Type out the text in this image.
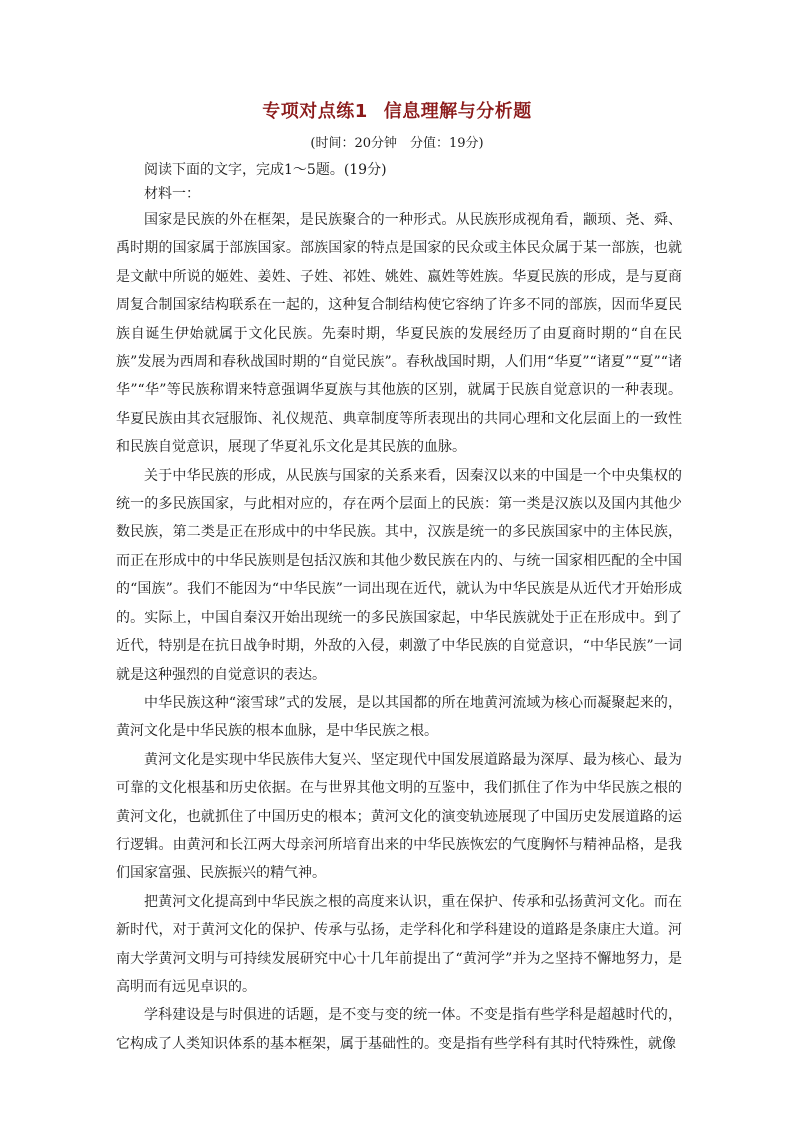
专项对点练1 信息理解与分析题
(时间：20分钟　分值：19分)

阅读下面的文字，完成1～5题。(19分)

材料一：

国家是民族的外在框架，是民族聚合的一种形式。从民族形成视角看，颛顼、尧、舜、禹时期的国家属于部族国家。部族国家的特点是国家的民众或主体民众属于某一部族，也就是文献中所说的姬姓、姜姓、子姓、祁姓、姚姓、嬴姓等姓族。华夏民族的形成，是与夏商周复合制国家结构联系在一起的，这种复合制结构使它容纳了许多不同的部族，因而华夏民族自诞生伊始就属于文化民族。先秦时期，华夏民族的发展经历了由夏商时期的“自在民族”发展为西周和春秋战国时期的“自觉民族”。春秋战国时期，人们用“华夏”“诸夏”“夏”“诸华”“华”等民族称谓来特意强调华夏族与其他族的区别，就属于民族自觉意识的一种表现。华夏民族由其衣冠服饰、礼仪规范、典章制度等所表现出的共同心理和文化层面上的一致性和民族自觉意识，展现了华夏礼乐文化是其民族的血脉。

关于中华民族的形成，从民族与国家的关系来看，因秦汉以来的中国是一个中央集权的统一的多民族国家，与此相对应的，存在两个层面上的民族：第一类是汉族以及国内其他少数民族，第二类是正在形成中的中华民族。其中，汉族是统一的多民族国家中的主体民族，而正在形成中的中华民族则是包括汉族和其他少数民族在内的、与统一国家相匹配的全中国的“国族”。我们不能因为“中华民族”一词出现在近代，就认为中华民族是从近代才开始形成的。实际上，中国自秦汉开始出现统一的多民族国家起，中华民族就处于正在形成中。到了近代，特别是在抗日战争时期，外敌的入侵，刺激了中华民族的自觉意识，“中华民族”一词就是这种强烈的自觉意识的表达。

中华民族这种“滚雪球”式的发展，是以其国都的所在地黄河流域为核心而凝聚起来的，黄河文化是中华民族的根本血脉，是中华民族之根。

黄河文化是实现中华民族伟大复兴、坚定现代中国发展道路最为深厚、最为核心、最为可靠的文化根基和历史依据。在与世界其他文明的互鉴中，我们抓住了作为中华民族之根的黄河文化，也就抓住了中国历史的根本；黄河文化的演变轨迹展现了中国历史发展道路的运行逻辑。由黄河和长江两大母亲河所培育出来的中华民族恢宏的气度胸怀与精神品格，是我们国家富强、民族振兴的精气神。

把黄河文化提高到中华民族之根的高度来认识，重在保护、传承和弘扬黄河文化。而在新时代，对于黄河文化的保护、传承与弘扬，走学科化和学科建设的道路是条康庄大道。河南大学黄河文明与可持续发展研究中心十几年前提出了“黄河学”并为之坚持不懈地努力，是高明而有远见卓识的。

学科建设是与时俱进的话题，是不变与变的统一体。不变是指有些学科是超越时代的，它构成了人类知识体系的基本框架，属于基础性的。变是指有些学科有其时代特殊性，就像
